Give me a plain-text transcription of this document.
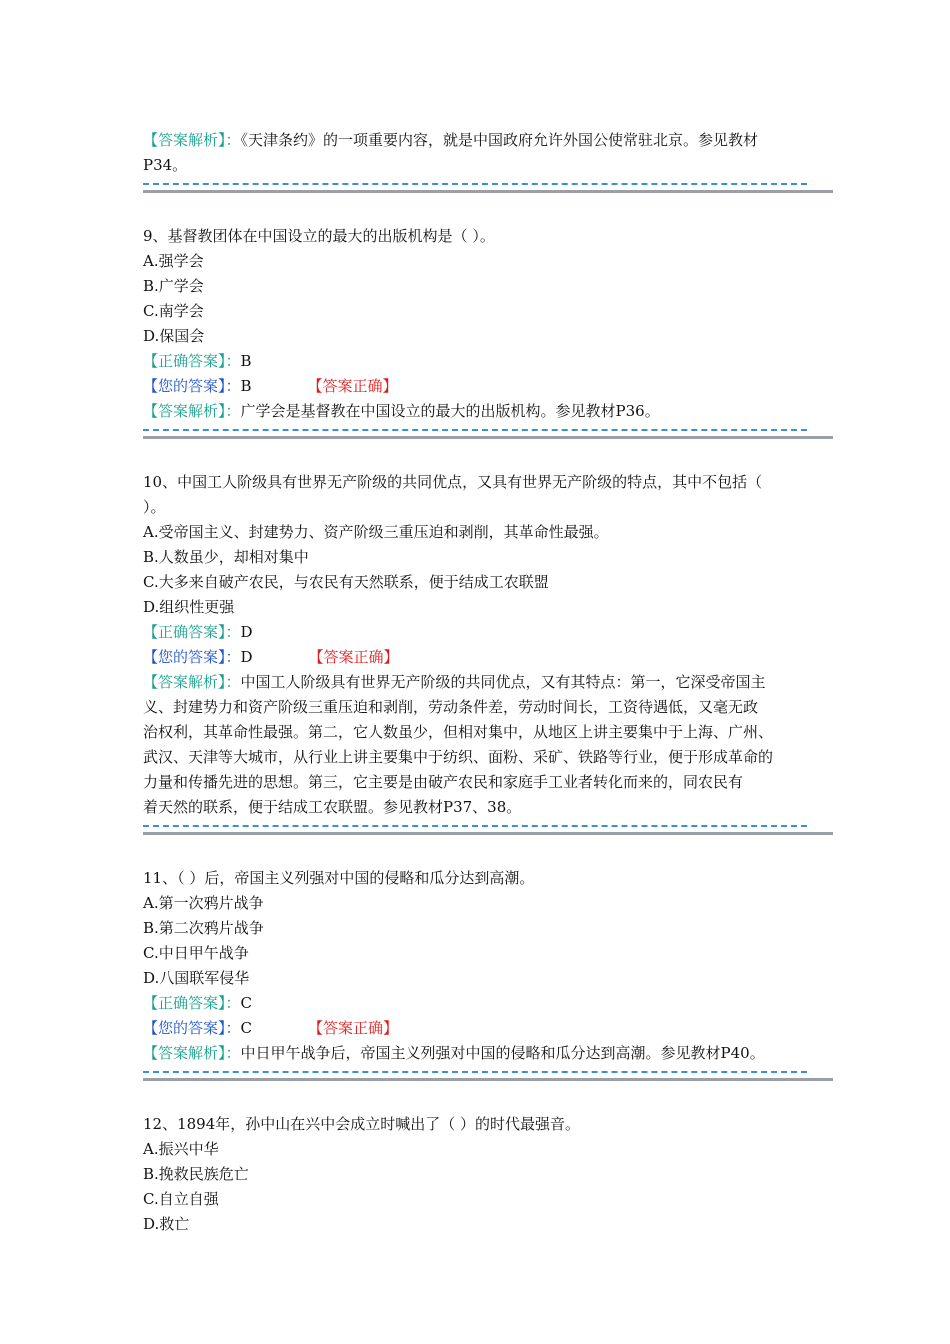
【答案解析】：《天津条约》的一项重要内容，就是中国政府允许外国公使常驻北京。参见教材
P34。
9、基督教团体在中国设立的最大的出版机构是（ ）。
A.强学会
B.广学会
C.南学会
D.保国会
【正确答案】：B
【您的答案】：B	【答案正确】
【答案解析】：广学会是基督教在中国设立的最大的出版机构。参见教材P36。
10、中国工人阶级具有世界无产阶级的共同优点，又具有世界无产阶级的特点，其中不包括（
）。
A.受帝国主义、封建势力、资产阶级三重压迫和剥削，其革命性最强。
B.人数虽少，却相对集中
C.大多来自破产农民，与农民有天然联系，便于结成工农联盟
D.组织性更强
【正确答案】：D
【您的答案】：D	【答案正确】
【答案解析】：中国工人阶级具有世界无产阶级的共同优点，又有其特点：第一，它深受帝国主
义、封建势力和资产阶级三重压迫和剥削，劳动条件差，劳动时间长，工资待遇低，又毫无政
治权利，其革命性最强。第二，它人数虽少，但相对集中，从地区上讲主要集中于上海、广州、
武汉、天津等大城市，从行业上讲主要集中于纺织、面粉、采矿、铁路等行业，便于形成革命的
力量和传播先进的思想。第三，它主要是由破产农民和家庭手工业者转化而来的，同农民有
着天然的联系，便于结成工农联盟。参见教材P37、38。
11、（ ）后，帝国主义列强对中国的侵略和瓜分达到高潮。
A.第一次鸦片战争
B.第二次鸦片战争
C.中日甲午战争
D.八国联军侵华
【正确答案】：C
【您的答案】：C	【答案正确】
【答案解析】：中日甲午战争后，帝国主义列强对中国的侵略和瓜分达到高潮。参见教材P40。
12、1894年，孙中山在兴中会成立时喊出了（ ）的时代最强音。
A.振兴中华
B.挽救民族危亡
C.自立自强
D.救亡
